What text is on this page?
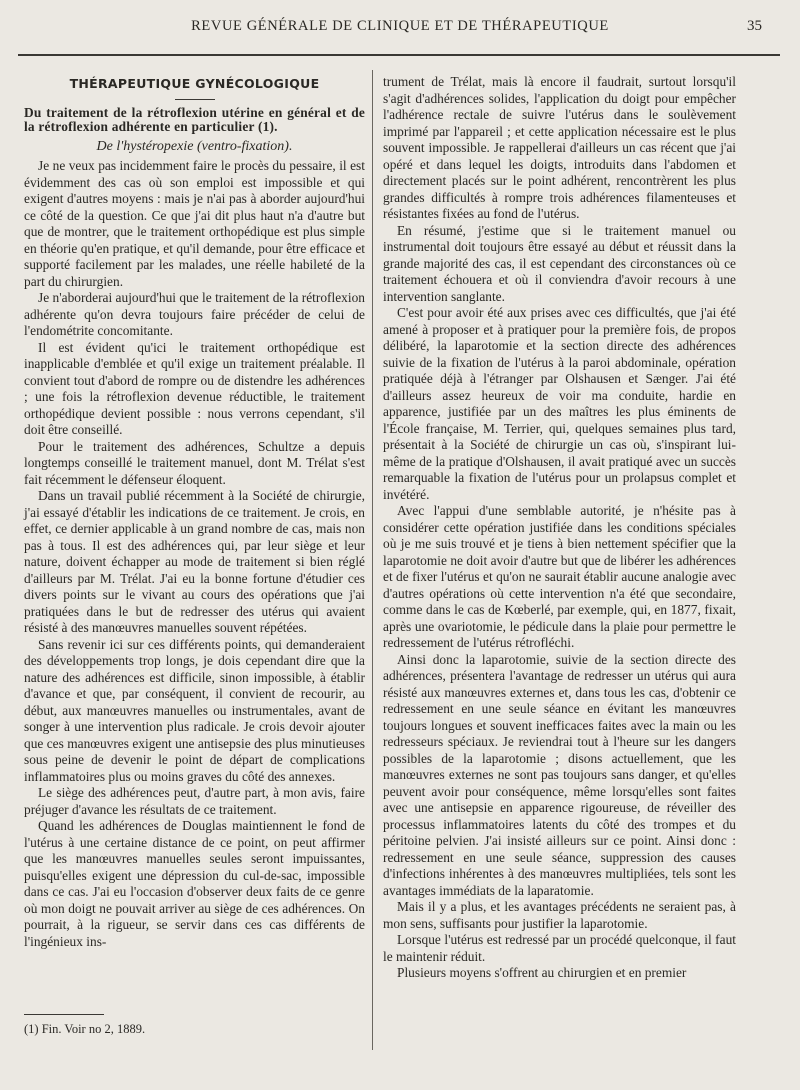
REVUE GÉNÉRALE DE CLINIQUE ET DE THÉRAPEUTIQUE	35
THÉRAPEUTIQUE GYNÉCOLOGIQUE
Du traitement de la rétroflexion utérine en général et de la rétroflexion adhérente en particulier (1).
De l'hystéropexie (ventro-fixation).

Je ne veux pas incidemment faire le procès du pessaire, il est évidemment des cas où son emploi est impossible et qui exigent d'autres moyens : mais je n'ai pas à aborder aujourd'hui ce côté de la question. Ce que j'ai dit plus haut n'a d'autre but que de montrer, que le traitement orthopédique est plus simple en théorie qu'en pratique, et qu'il demande, pour être efficace et supporté facilement par les malades, une réelle habileté de la part du chirurgien.

Je n'aborderai aujourd'hui que le traitement de la rétroflexion adhérente qu'on devra toujours faire précéder de celui de l'endométrite concomitante.

Il est évident qu'ici le traitement orthopédique est inapplicable d'emblée et qu'il exige un traitement préalable. Il convient tout d'abord de rompre ou de distendre les adhérences ; une fois la rétroflexion devenue réductible, le traitement orthopédique devient possible : nous verrons cependant, s'il doit être conseillé.

Pour le traitement des adhérences, Schultze a depuis longtemps conseillé le traitement manuel, dont M. Trélat s'est fait récemment le défenseur éloquent.

Dans un travail publié récemment à la Société de chirurgie, j'ai essayé d'établir les indications de ce traitement. Je crois, en effet, ce dernier applicable à un grand nombre de cas, mais non pas à tous. Il est des adhérences qui, par leur siège et leur nature, doivent échapper au mode de traitement si bien réglé d'ailleurs par M. Trélat. J'ai eu la bonne fortune d'étudier ces divers points sur le vivant au cours des opérations que j'ai pratiquées dans le but de redresser des utérus qui avaient résisté à des manœuvres manuelles souvent répétées.

Sans revenir ici sur ces différents points, qui demanderaient des développements trop longs, je dois cependant dire que la nature des adhérences est difficile, sinon impossible, à établir d'avance et que, par conséquent, il convient de recourir, au début, aux manœuvres manuelles ou instrumentales, avant de songer à une intervention plus radicale. Je crois devoir ajouter que ces manœuvres exigent une antisepsie des plus minutieuses sous peine de devenir le point de départ de complications inflammatoires plus ou moins graves du côté des annexes.

Le siège des adhérences peut, d'autre part, à mon avis, faire préjuger d'avance les résultats de ce traitement.

Quand les adhérences de Douglas maintiennent le fond de l'utérus à une certaine distance de ce point, on peut affirmer que les manœuvres manuelles seules seront impuissantes, puisqu'elles exigent une dépression du cul-de-sac, impossible dans ce cas. J'ai eu l'occasion d'observer deux faits de ce genre où mon doigt ne pouvait arriver au siège de ces adhérences. On pourrait, à la rigueur, se servir dans ces cas différents de l'ingénieux ins-

trument de Trélat, mais là encore il faudrait, surtout lorsqu'il s'agit d'adhérences solides, l'application du doigt pour empêcher l'adhérence rectale de suivre l'utérus dans le soulèvement imprimé par l'appareil ; et cette application nécessaire est le plus souvent impossible. Je rappellerai d'ailleurs un cas récent que j'ai opéré et dans lequel les doigts, introduits dans l'abdomen et directement placés sur le point adhérent, rencontrèrent les plus grandes difficultés à rompre trois adhérences filamenteuses et résistantes fixées au fond de l'utérus.

En résumé, j'estime que si le traitement manuel ou instrumental doit toujours être essayé au début et réussit dans la grande majorité des cas, il est cependant des circonstances où ce traitement échouera et où il conviendra d'avoir recours à une intervention sanglante.

C'est pour avoir été aux prises avec ces difficultés, que j'ai été amené à proposer et à pratiquer pour la première fois, de propos délibéré, la laparotomie et la section directe des adhérences suivie de la fixation de l'utérus à la paroi abdominale, opération pratiquée déjà à l'étranger par Olshausen et Sænger. J'ai été d'ailleurs assez heureux de voir ma conduite, hardie en apparence, justifiée par un des maîtres les plus éminents de l'École française, M. Terrier, qui, quelques semaines plus tard, présentait à la Société de chirurgie un cas où, s'inspirant lui-même de la pratique d'Olshausen, il avait pratiqué avec un succès remarquable la fixation de l'utérus pour un prolapsus complet et invétéré.

Avec l'appui d'une semblable autorité, je n'hésite pas à considérer cette opération justifiée dans les conditions spéciales où je me suis trouvé et je tiens à bien nettement spécifier que la laparotomie ne doit avoir d'autre but que de libérer les adhérences et de fixer l'utérus et qu'on ne saurait établir aucune analogie avec d'autres opérations où cette intervention n'a été que secondaire, comme dans le cas de Kœberlé, par exemple, qui, en 1877, fixait, après une ovariotomie, le pédicule dans la plaie pour permettre le redressement de l'utérus rétrofléchi.

Ainsi donc la laparotomie, suivie de la section directe des adhérences, présentera l'avantage de redresser un utérus qui aura résisté aux manœuvres externes et, dans tous les cas, d'obtenir ce redressement en une seule séance en évitant les manœuvres toujours longues et souvent inefficaces faites avec la main ou les redresseurs spéciaux. Je reviendrai tout à l'heure sur les dangers possibles de la laparotomie ; disons actuellement, que les manœuvres externes ne sont pas toujours sans danger, et qu'elles peuvent avoir pour conséquence, même lorsqu'elles sont faites avec une antisepsie en apparence rigoureuse, de réveiller des processus inflammatoires latents du côté des trompes et du péritoine pelvien. J'ai insisté ailleurs sur ce point. Ainsi donc : redressement en une seule séance, suppression des causes d'infections inhérentes à des manœuvres multipliées, tels sont les avantages immédiats de la laparatomie.

Mais il y a plus, et les avantages précédents ne seraient pas, à mon sens, suffisants pour justifier la laparotomie.

Lorsque l'utérus est redressé par un procédé quelconque, il faut le maintenir réduit.

Plusieurs moyens s'offrent au chirurgien et en premier

(1) Fin. Voir no 2, 1889.
